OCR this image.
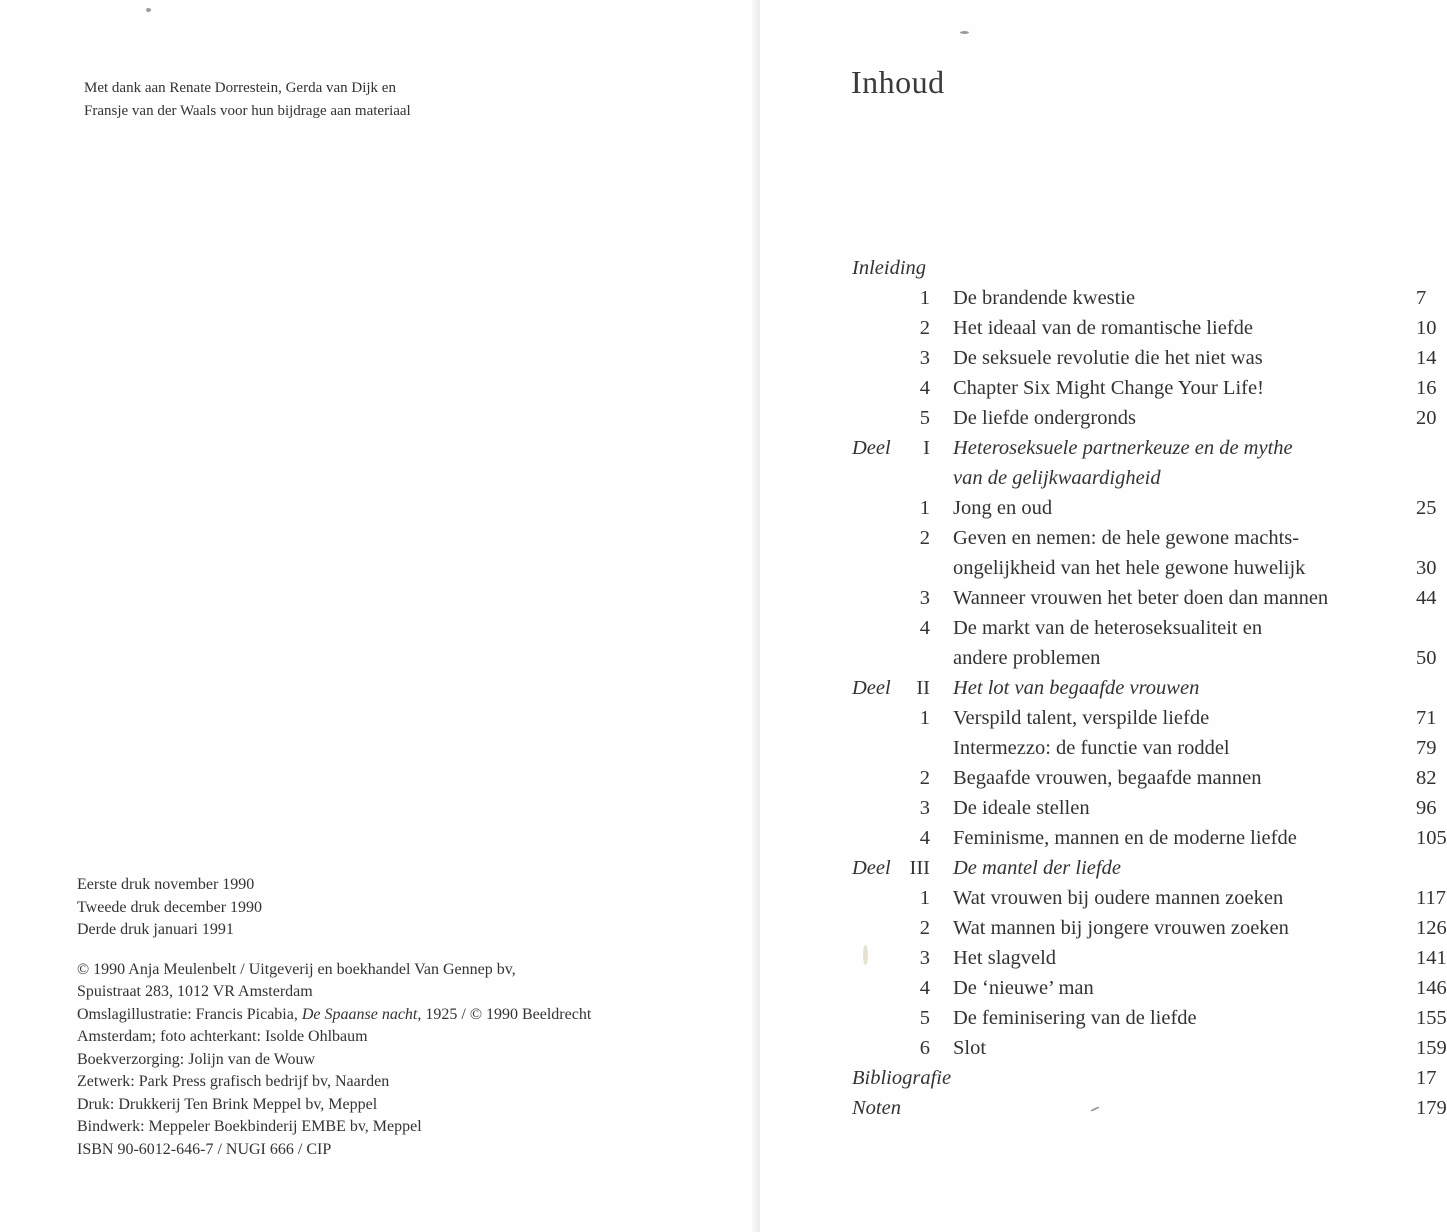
Met dank aan Renate Dorrestein, Gerda van Dijk en
Fransje van der Waals voor hun bijdrage aan materiaal
Eerste druk november 1990
Tweede druk december 1990
Derde druk januari 1991
© 1990 Anja Meulenbelt / Uitgeverij en boekhandel Van Gennep bv,
Spuistraat 283, 1012 VR Amsterdam
Omslagillustratie: Francis Picabia, De Spaanse nacht, 1925 / © 1990 Beeldrecht
Amsterdam; foto achterkant: Isolde Ohlbaum
Boekverzorging: Jolijn van de Wouw
Zetwerk: Park Press grafisch bedrijf bv, Naarden
Druk: Drukkerij Ten Brink Meppel bv, Meppel
Bindwerk: Meppeler Boekbinderij EMBE bv, Meppel
ISBN 90-6012-646-7 / NUGI 666 / CIP
Inhoud
Inleiding
1 De brandende kwestie	7
2 Het ideaal van de romantische liefde	10
3 De seksuele revolutie die het niet was	14
4 Chapter Six Might Change Your Life!	16
5 De liefde ondergronds	20
Deel	I Heteroseksuele partnerkeuze en de mythe
van de gelijkwaardigheid
1 Jong en oud	25
2 Geven en nemen: de hele gewone machts-
ongelijkheid van het hele gewone huwelijk	30
3 Wanneer vrouwen het beter doen dan mannen	44
4 De markt van de heteroseksualiteit en
andere problemen	50
Deel	II Het lot van begaafde vrouwen
1 Verspild talent, verspilde liefde	71
Intermezzo: de functie van roddel	79
2 Begaafde vrouwen, begaafde mannen	82
3 De ideale stellen	96
4 Feminisme, mannen en de moderne liefde	105
Deel III De mantel der liefde
1 Wat vrouwen bij oudere mannen zoeken	117
2 Wat mannen bij jongere vrouwen zoeken	126
3 Het slagveld	141
4 De ‘nieuwe’ man	146
5 De feminisering van de liefde	155
6 Slot	159
Bibliografie	17
Noten	179
